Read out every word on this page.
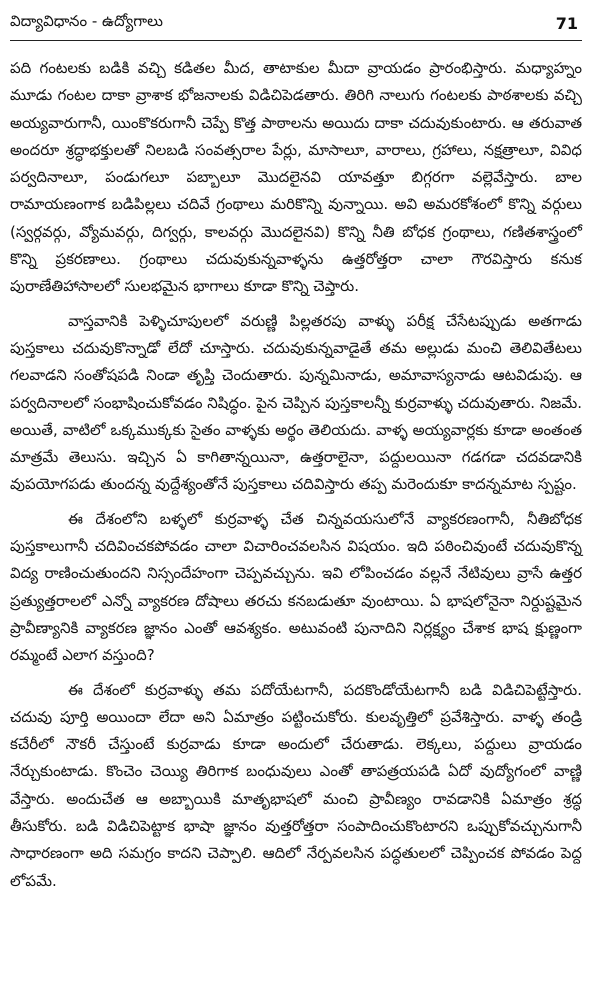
విద్యావిధానం - ఉద్యోగాలు	71

పది గంటలకు బడికి వచ్చి కడితల మీద, తాటాకుల మీదా వ్రాయడం ప్రారంభిస్తారు. మధ్యాహ్నం మూడు గంటల దాకా వ్రాశాక భోజనాలకు విడిచిపెడతారు. తిరిగి నాలుగు గంటలకు పాఠశాలకు వచ్చి అయ్యవారుగానీ, యింకొకరుగానీ చెప్పే కొత్త పాఠాలను అయిదు దాకా చదువుకుంటారు. ఆ తరువాత అందరూ శ్రద్ధాభక్తులతో నిలబడి సంవత్సరాల పేర్లు, మాసాలూ, వారాలు, గ్రహాలు, నక్షత్రాలూ, వివిధ పర్వదినాలూ, పండుగలూ పబ్బాలూ మొదలైనవి యావత్తూ బిగ్గరగా వల్లెవేస్తారు. బాల రామాయణంగాక బడిపిల్లలు చదివే గ్రంథాలు మరికొన్ని వున్నాయి. అవి అమరకోశంలో కొన్ని వర్గులు (స్వర్గవర్గు, వ్యోమవర్గు, దిగ్వర్గు, కాలవర్గు మొదలైనవి) కొన్ని నీతి బోధక గ్రంథాలు, గణితశాస్త్రంలో కొన్ని ప్రకరణాలు. గ్రంథాలు చదువుకున్నవాళ్ళను ఉత్తరోత్తరా చాలా గౌరవిస్తారు కనుక పురాణేతిహాసాలలో సులభమైన భాగాలు కూడా కొన్ని చెప్తారు.

వాస్తవానికి పెళ్ళిచూపులలో వరుణ్ణి పిల్లతరపు వాళ్ళు పరీక్ష చేసేటప్పుడు అతగాడు పుస్తకాలు చదువుకొన్నాడో లేదో చూస్తారు. చదువుకున్నవాడైతే తమ అల్లుడు మంచి తెలివితేటలు గలవాడని సంతోషపడి నిండా తృప్తి చెందుతారు. పున్నమినాడు, అమావాస్యనాడు ఆటవిడుపు. ఆ పర్వదినాలలో సంభాషించుకోవడం నిషిద్ధం. పైన చెప్పిన పుస్తకాలన్నీ కుర్రవాళ్ళు చదువుతారు. నిజమే. అయితే, వాటిలో ఒక్కముక్కకు సైతం వాళ్ళకు అర్థం తెలియదు. వాళ్ళ అయ్యవార్లకు కూడా అంతంత మాత్రమే తెలుసు. ఇచ్చిన ఏ కాగితాన్నయినా, ఉత్తరాలైనా, పద్దులయినా గడగడా చదవడానికి వుపయోగపడు తుందన్న వుద్దేశ్యంతోనే పుస్తకాలు చదివిస్తారు తప్ప మరెందుకూ కాదన్నమాట స్పష్టం.

ఈ దేశంలోని బళ్ళలో కుర్రవాళ్ళ చేత చిన్నవయసులోనే వ్యాకరణంగానీ, నీతిబోధక పుస్తకాలుగానీ చదివించకపోవడం చాలా విచారించవలసిన విషయం. ఇది పఠించివుంటే చదువుకొన్న విద్య రాణించుతుందని నిస్సందేహంగా చెప్పవచ్చును. ఇవి లోపించడం వల్లనే నేటివులు వ్రాసే ఉత్తర ప్రత్యుత్తరాలలో ఎన్నో వ్యాకరణ దోషాలు తరచు కనబడుతూ వుంటాయి. ఏ భాషలోనైనా నిర్దుష్టమైన ప్రావీణ్యానికి వ్యాకరణ జ్ఞానం ఎంతో ఆవశ్యకం. అటువంటి పునాదిని నిర్లక్ష్యం చేశాక భాష క్షుణ్ణంగా రమ్మంటే ఎలాగ వస్తుంది?

ఈ దేశంలో కుర్రవాళ్ళు తమ పదోయేటగానీ, పదకొండోయేటగానీ బడి విడిచిపెట్టేస్తారు. చదువు పూర్తి అయిందా లేదా అని ఏమాత్రం పట్టించుకోరు. కులవృత్తిలో ప్రవేశిస్తారు. వాళ్ళ తండ్రి కచేరీలో నౌకరీ చేస్తుంటే కుర్రవాడు కూడా అందులో చేరుతాడు. లెక్కలు, పద్దులు వ్రాయడం నేర్చుకుంటాడు. కొంచెం చెయ్యి తిరిగాక బంధువులు ఎంతో తాపత్రయపడి ఏదో వుద్యోగంలో వాణ్ణి వేస్తారు. అందుచేత ఆ అబ్బాయికి మాతృభాషలో మంచి ప్రావీణ్యం రావడానికి ఏమాత్రం శ్రద్ధ తీసుకోరు. బడి విడిచిపెట్టాక భాషా జ్ఞానం వుత్తరోత్తరా సంపాదించుకొంటారని ఒప్పుకోవచ్చునుగానీ సాధారణంగా అది సమగ్రం కాదని చెప్పాలి. ఆదిలో నేర్పవలసిన పద్ధతులలో చెప్పించక పోవడం పెద్ద లోపమే.
